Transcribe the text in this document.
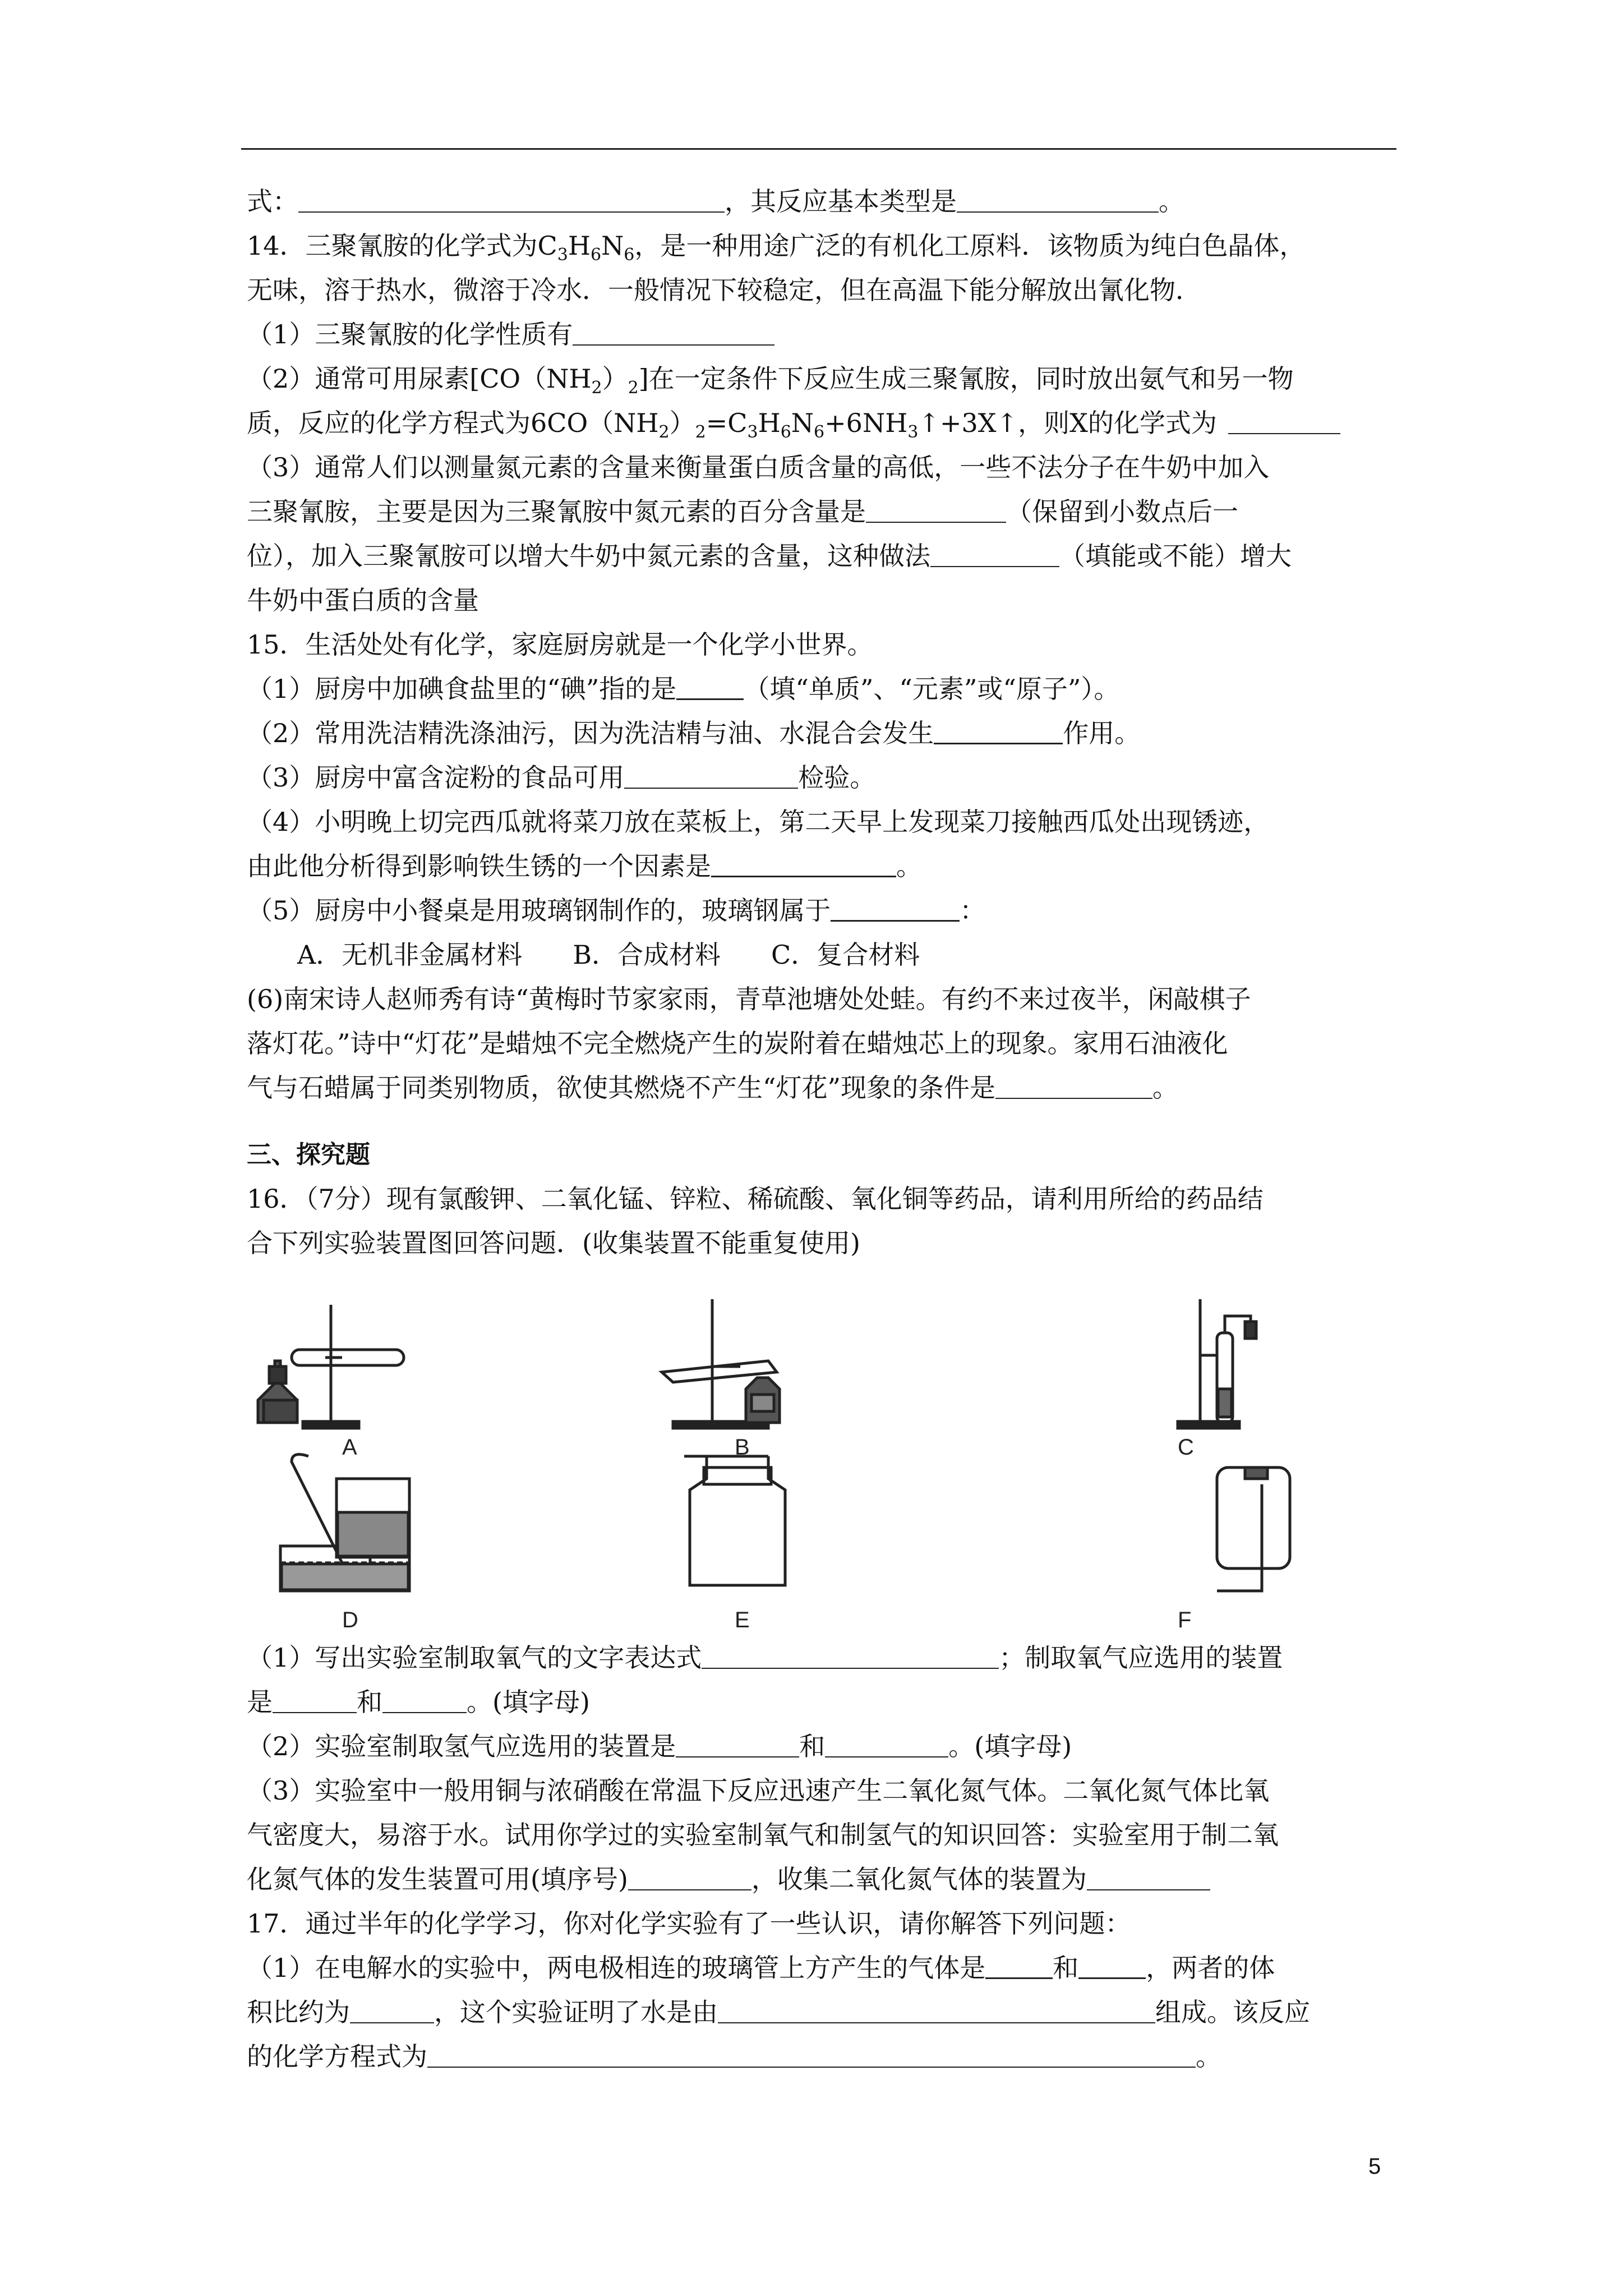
式：	，其反应基本类型是	。
14．三聚氰胺的化学式为$C_3H_6N_6$，是一种用途广泛的有机化工原料．该物质为纯白色晶体，
无味，溶于热水，微溶于冷水．一般情况下较稳定，但在高温下能分解放出氰化物．
（1）三聚氰胺的化学性质有
（2）通常可用尿素$[CO(NH_2)_2]$在一定条件下反应生成三聚氰胺，同时放出氨气和另一物
质，反应的化学方程式为$6CO(NH_2)_2=C_3H_6N_6+6NH_3↑+3X↑$，则X的化学式为
（3）通常人们以测量氮元素的含量来衡量蛋白质含量的高低，一些不法分子在牛奶中加入
三聚氰胺，主要是因为三聚氰胺中氮元素的百分含量是	（保留到小数点后一
位），加入三聚氰胺可以增大牛奶中氮元素的含量，这种做法	（填能或不能）增大
牛奶中蛋白质的含量
15．生活处处有化学，家庭厨房就是一个化学小世界。
（1）厨房中加碘食盐里的“碘”指的是	（填“单质”、“元素”或“原子”）。
（2）常用洗洁精洗涤油污，因为洗洁精与油、水混合会发生	作用。
（3）厨房中富含淀粉的食品可用	检验。
（4）小明晚上切完西瓜就将菜刀放在菜板上，第二天早上发现菜刀接触西瓜处出现锈迹，
由此他分析得到影响铁生锈的一个因素是	。
（5）厨房中小餐桌是用玻璃钢制作的，玻璃钢属于	：
A．无机非金属材料 B．合成材料 C．复合材料
(6)南宋诗人赵师秀有诗“黄梅时节家家雨，青草池塘处处蛙。有约不来过夜半，闲敲棋子
落灯花。”诗中“灯花”是蜡烛不完全燃烧产生的炭附着在蜡烛芯上的现象。家用石油液化
气与石蜡属于同类别物质，欲使其燃烧不产生“灯花”现象的条件是	。
三、探究题
16．（7分）现有氯酸钾、二氧化锰、锌粒、稀硫酸、氧化铜等药品，请利用所给的药品结
合下列实验装置图回答问题．(收集装置不能重复使用)
A	B	C
D	E	F
（1）写出实验室制取氧气的文字表达式	；制取氧气应选用的装置
是	和	。(填字母)
（2）实验室制取氢气应选用的装置是	和	。(填字母)
（3）实验室中一般用铜与浓硝酸在常温下反应迅速产生二氧化氮气体。二氧化氮气体比氧
气密度大，易溶于水。试用你学过的实验室制氧气和制氢气的知识回答：实验室用于制二氧
化氮气体的发生装置可用(填序号)	，收集二氧化氮气体的装置为
17．通过半年的化学学习，你对化学实验有了一些认识，请你解答下列问题：
（1）在电解水的实验中，两电极相连的玻璃管上方产生的气体是	和	，两者的体
积比约为	，这个实验证明了水是由	组成。该反应
的化学方程式为	。
5
